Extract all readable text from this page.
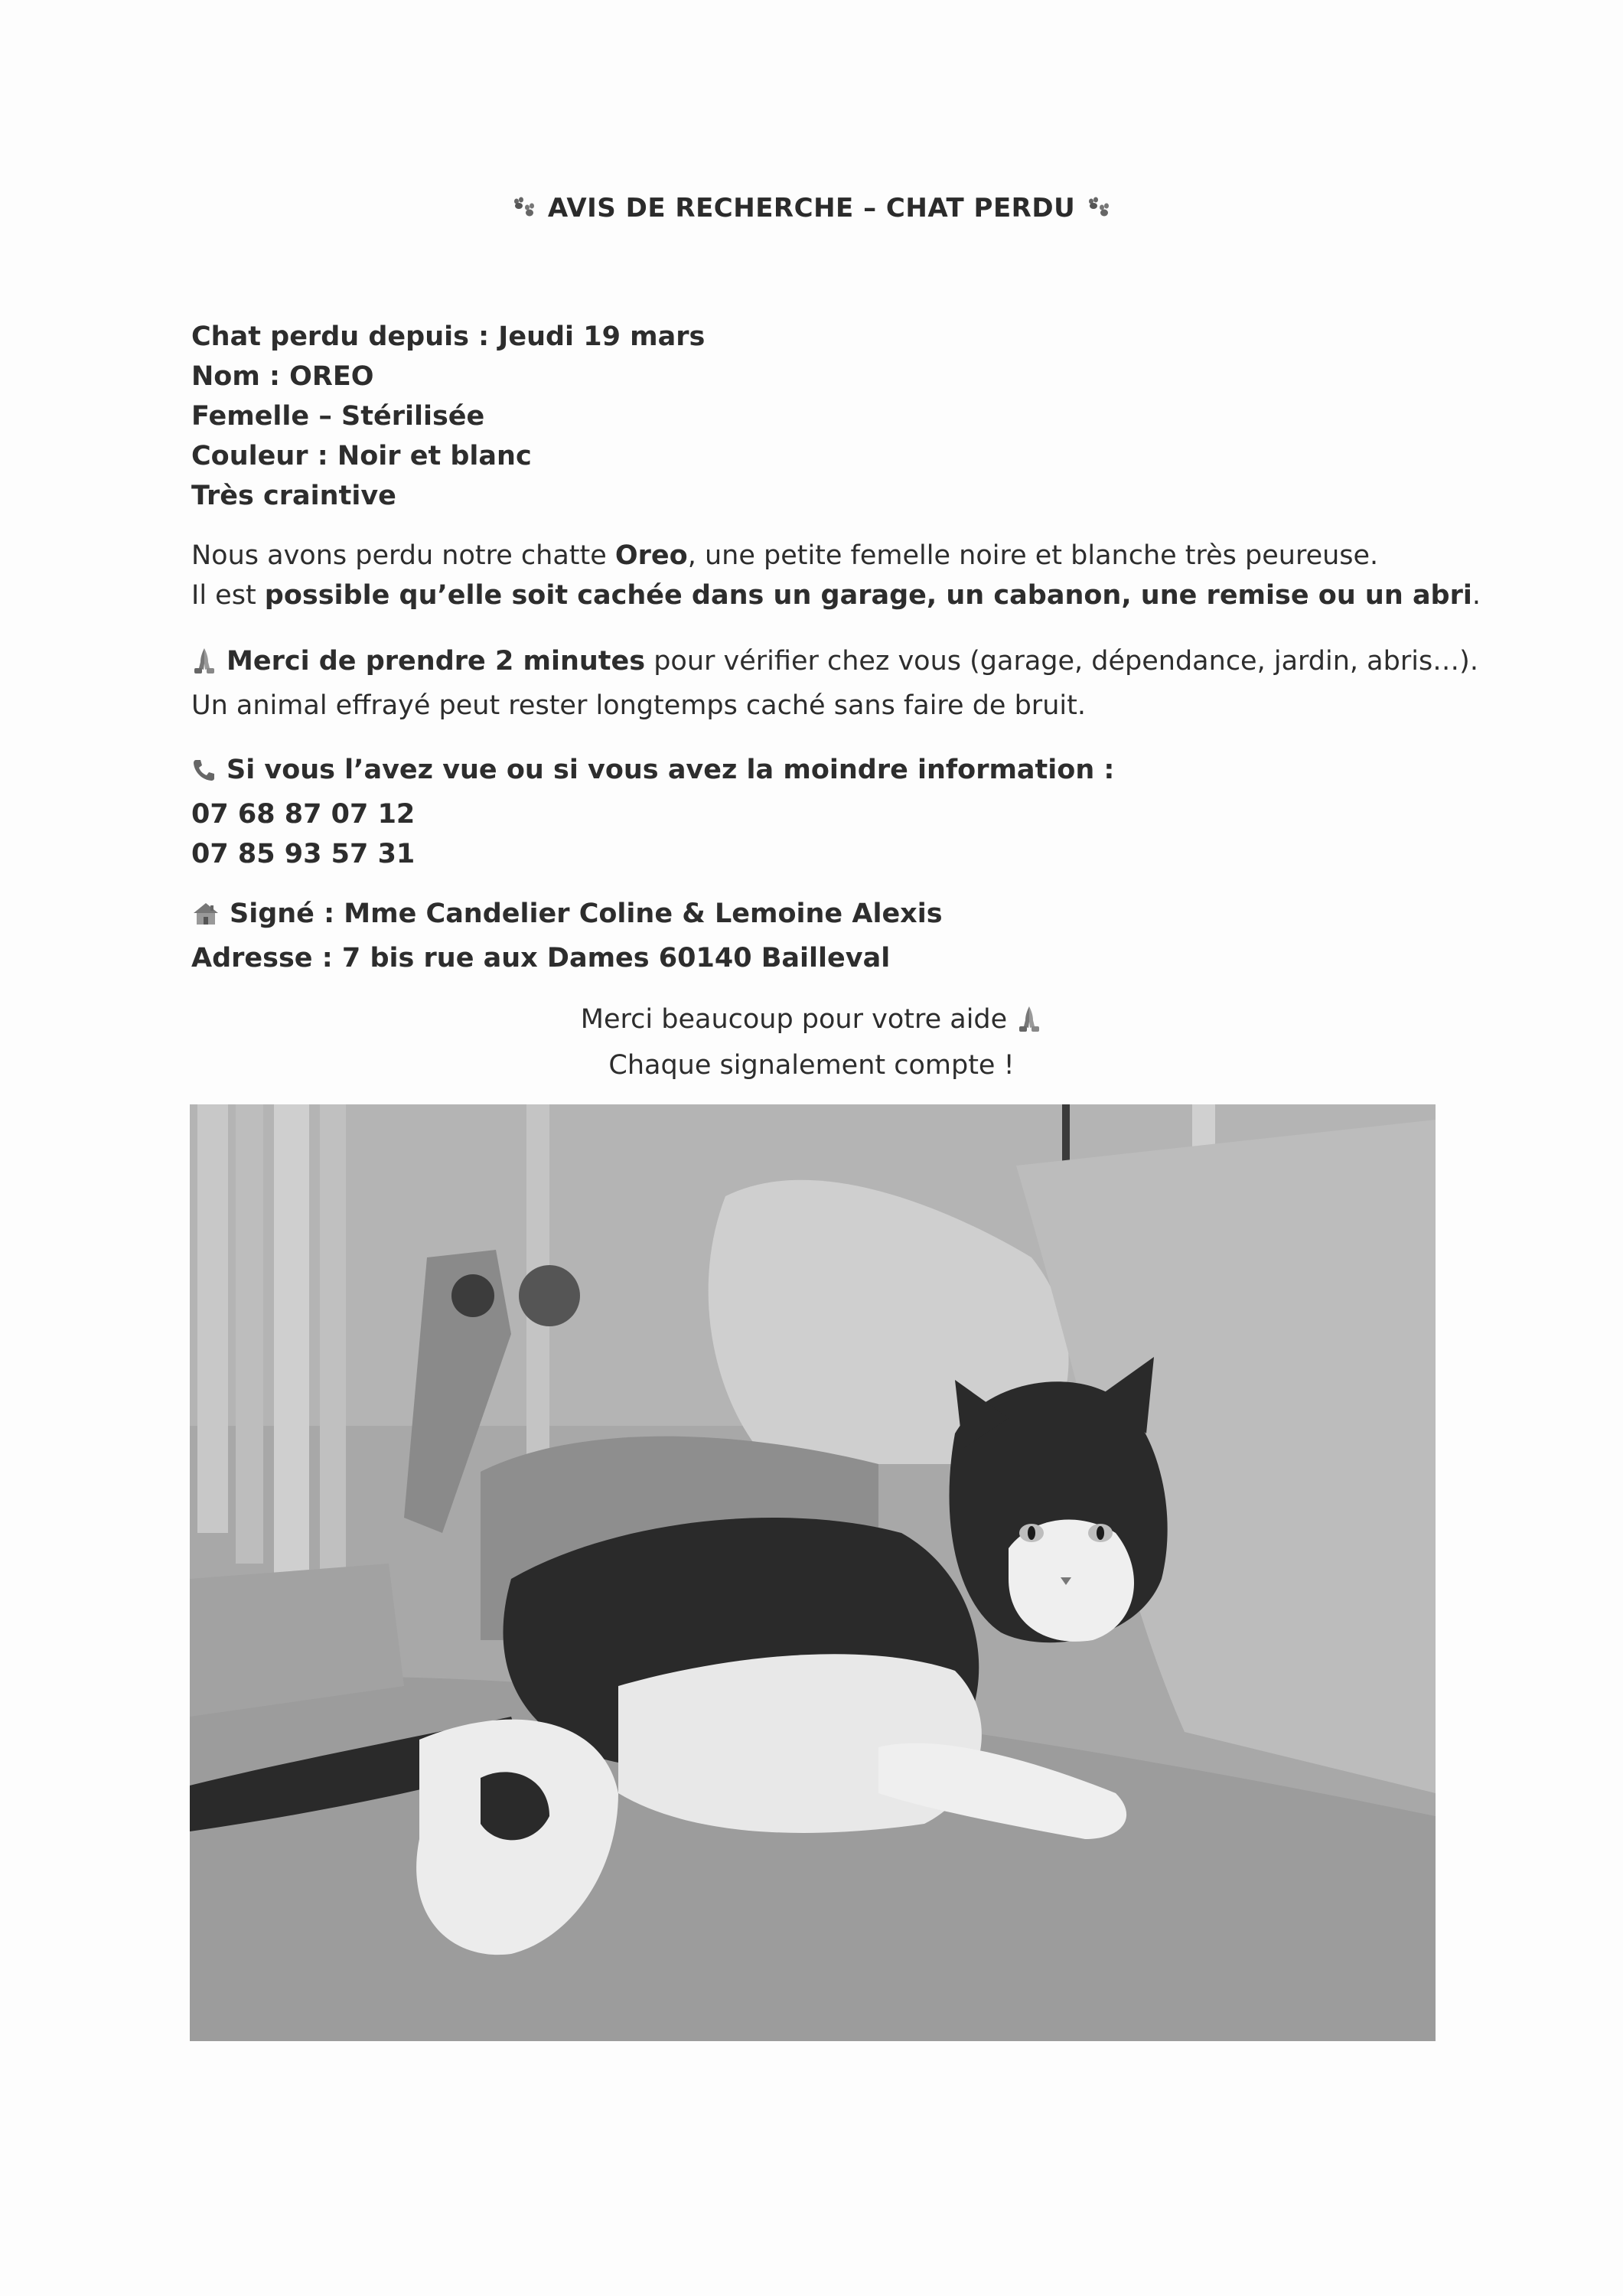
AVIS DE RECHERCHE – CHAT PERDU
Chat perdu depuis : Jeudi 19 mars
Nom : OREO
Femelle – Stérilisée
Couleur : Noir et blanc
Très craintive
Nous avons perdu notre chatte Oreo, une petite femelle noire et blanche très peureuse.
Il est possible qu’elle soit cachée dans un garage, un cabanon, une remise ou un abri.
Merci de prendre 2 minutes pour vérifier chez vous (garage, dépendance, jardin, abris…).
Un animal effrayé peut rester longtemps caché sans faire de bruit.
Si vous l’avez vue ou si vous avez la moindre information :
07 68 87 07 12
07 85 93 57 31
Signé : Mme Candelier Coline & Lemoine Alexis
Adresse : 7 bis rue aux Dames 60140 Bailleval
Merci beaucoup pour votre aide
Chaque signalement compte !
